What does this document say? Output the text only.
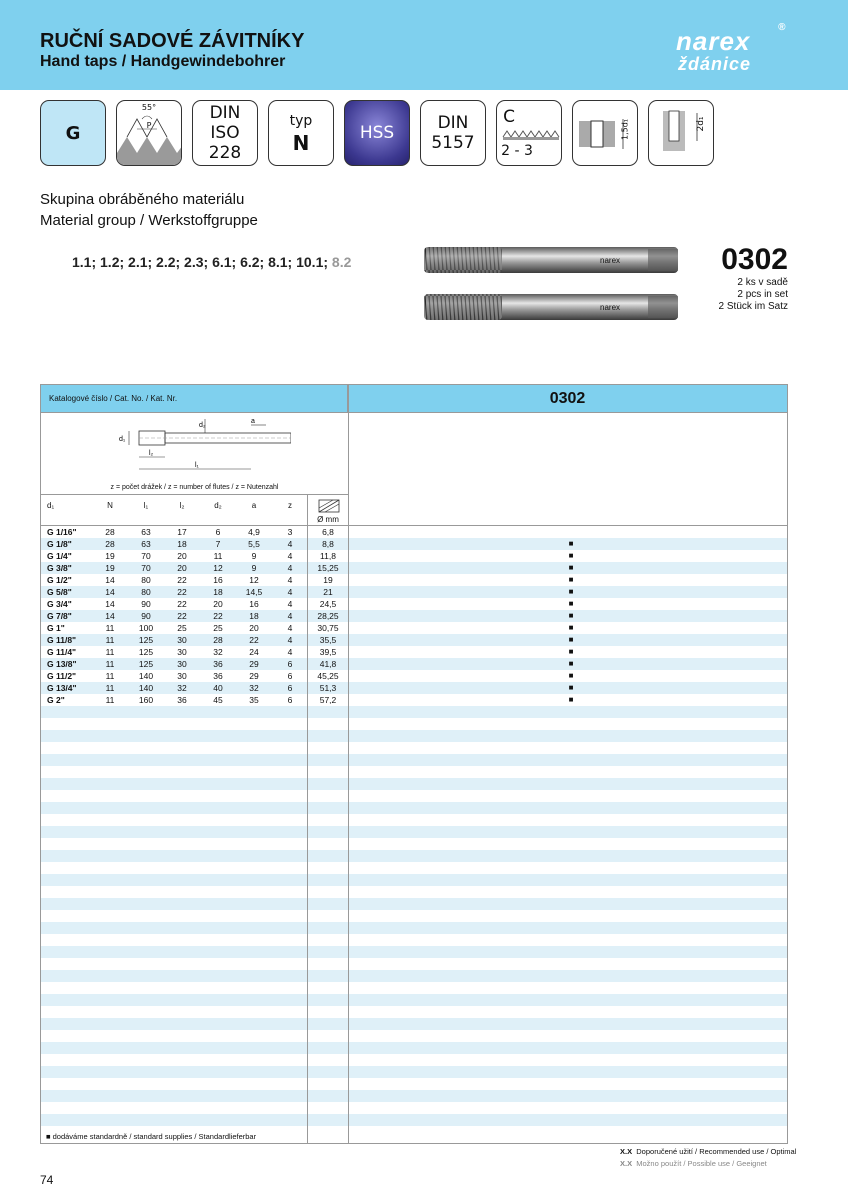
RUČNÍ SADOVÉ ZÁVITNÍKY
Hand taps / Handgewindebohrer
narex
ždánice
®
G
55°
P
DIN
ISO
228
typ
N	HSS	DIN
5157
C
2 - 3
1,5d₁	2d₁
Skupina obráběného materiálu
Material group / Werkstoffgruppe
1.1; 1.2; 2.1; 2.2; 2.3; 6.1; 6.2; 8.1; 10.1; 8.2	narex
narex
0302
2 ks v sadě
2 pcs in set
2 Stück im Satz
Katalogové číslo / Cat. No. / Kat. Nr.	0302
d₁
d₂
a
l₂
l₁
z = počet drážek / z = number of flutes / z = Nutenzahl
d₁	N	l₁	l₂	d₂	a	z
Ø mm
G 1/16"	28	63	17	6	4,9	3	6,8
G 1/8"	28	63	18	7	5,5	4	8,8	■
G 1/4"	19	70	20	11	9	4	11,8	■
G 3/8"	19	70	20	12	9	4	15,25	■
G 1/2"	14	80	22	16	12	4	19	■
G 5/8"	14	80	22	18	14,5	4	21	■
G 3/4"	14	90	22	20	16	4	24,5	■
G 7/8"	14	90	22	22	18	4	28,25	■
G 1"	11	100	25	25	20	4	30,75	■
G 11/8"	11	125	30	28	22	4	35,5	■
G 11/4"	11	125	30	32	24	4	39,5	■
G 13/8"	11	125	30	36	29	6	41,8	■
G 11/2"	11	140	30	36	29	6	45,25	■
G 13/4"	11	140	32	40	32	6	51,3	■
G 2"	11	160	36	45	35	6	57,2	■
■ dodáváme standardně / standard supplies / Standardlieferbar
X.X Doporučené užití / Recommended use / Optimal
X.X Možno použít / Possible use / Geeignet
74
